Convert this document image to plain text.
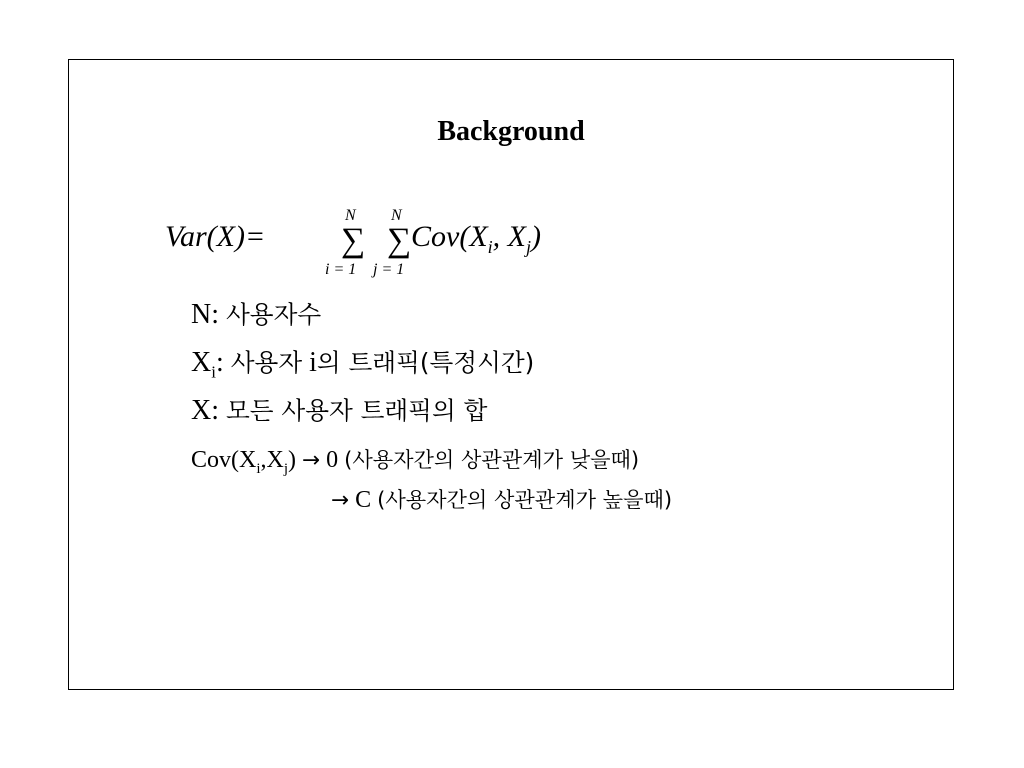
Background
Var(X)=
N
∑
i = 1
N
∑
j = 1
$Cov(X_i$, $X_j$)
N: 사용자수
$X_i$: 사용자 i의 트래픽(특정시간)
X: 모든 사용자 트래픽의 합
$Cov(X_i,X_j) \to 0$ (사용자간의 상관관계가 낮을때)
→ C (사용자간의 상관관계가 높을때)
